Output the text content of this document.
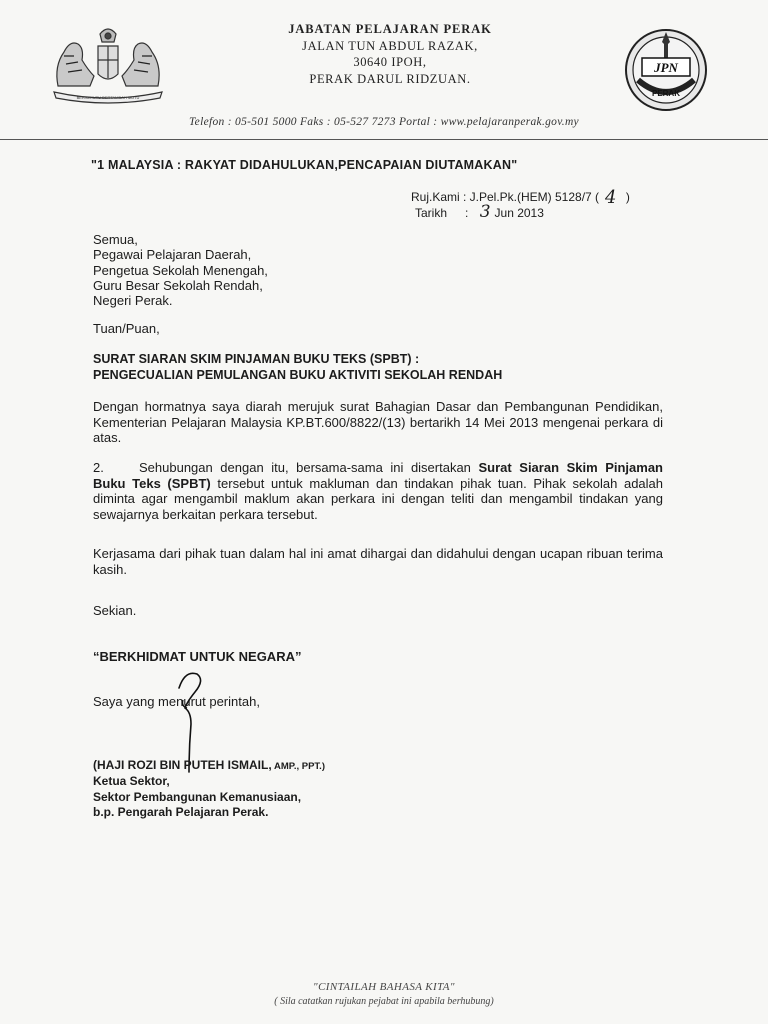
BERSEKUTU BERTAMBAH MUTU
JABATAN PELAJARAN PERAK
JALAN TUN ABDUL RAZAK,
30640 IPOH,
PERAK DARUL RIDZUAN.
JPN
PERAK
Telefon : 05-501 5000 Faks : 05-527 7273 Portal : www.pelajaranperak.gov.my
"1 MALAYSIA : RAKYAT DIDAHULUKAN,PENCAPAIAN DIUTAMAKAN"
Ruj.Kami : J.Pel.Pk.(HEM) 5128/7 ( 4 )
Tarikh : 3 Jun 2013
Semua,
Pegawai Pelajaran Daerah,
Pengetua Sekolah Menengah,
Guru Besar Sekolah Rendah,
Negeri Perak.
Tuan/Puan,
SURAT SIARAN SKIM PINJAMAN BUKU TEKS (SPBT) :
PENGECUALIAN PEMULANGAN BUKU AKTIVITI SEKOLAH RENDAH
Dengan hormatnya saya diarah merujuk surat Bahagian Dasar dan Pembangunan Pendidikan, Kementerian Pelajaran Malaysia KP.BT.600/8822/(13) bertarikh 14 Mei 2013 mengenai perkara di atas.
2.	Sehubungan dengan itu, bersama-sama ini disertakan Surat Siaran Skim Pinjaman Buku Teks (SPBT) tersebut untuk makluman dan tindakan pihak tuan. Pihak sekolah adalah diminta agar mengambil maklum akan perkara ini dengan teliti dan mengambil tindakan yang sewajarnya berkaitan perkara tersebut.
Kerjasama dari pihak tuan dalam hal ini amat dihargai dan didahului dengan ucapan ribuan terima kasih.
Sekian.
“BERKHIDMAT UNTUK NEGARA”
Saya yang menurut perintah,
(HAJI ROZI BIN PUTEH ISMAIL, AMP., PPT.)
Ketua Sektor,
Sektor Pembangunan Kemanusiaan,
b.p. Pengarah Pelajaran Perak.
"CINTAILAH BAHASA KITA"
( Sila catatkan rujukan pejabat ini apabila berhubung)
